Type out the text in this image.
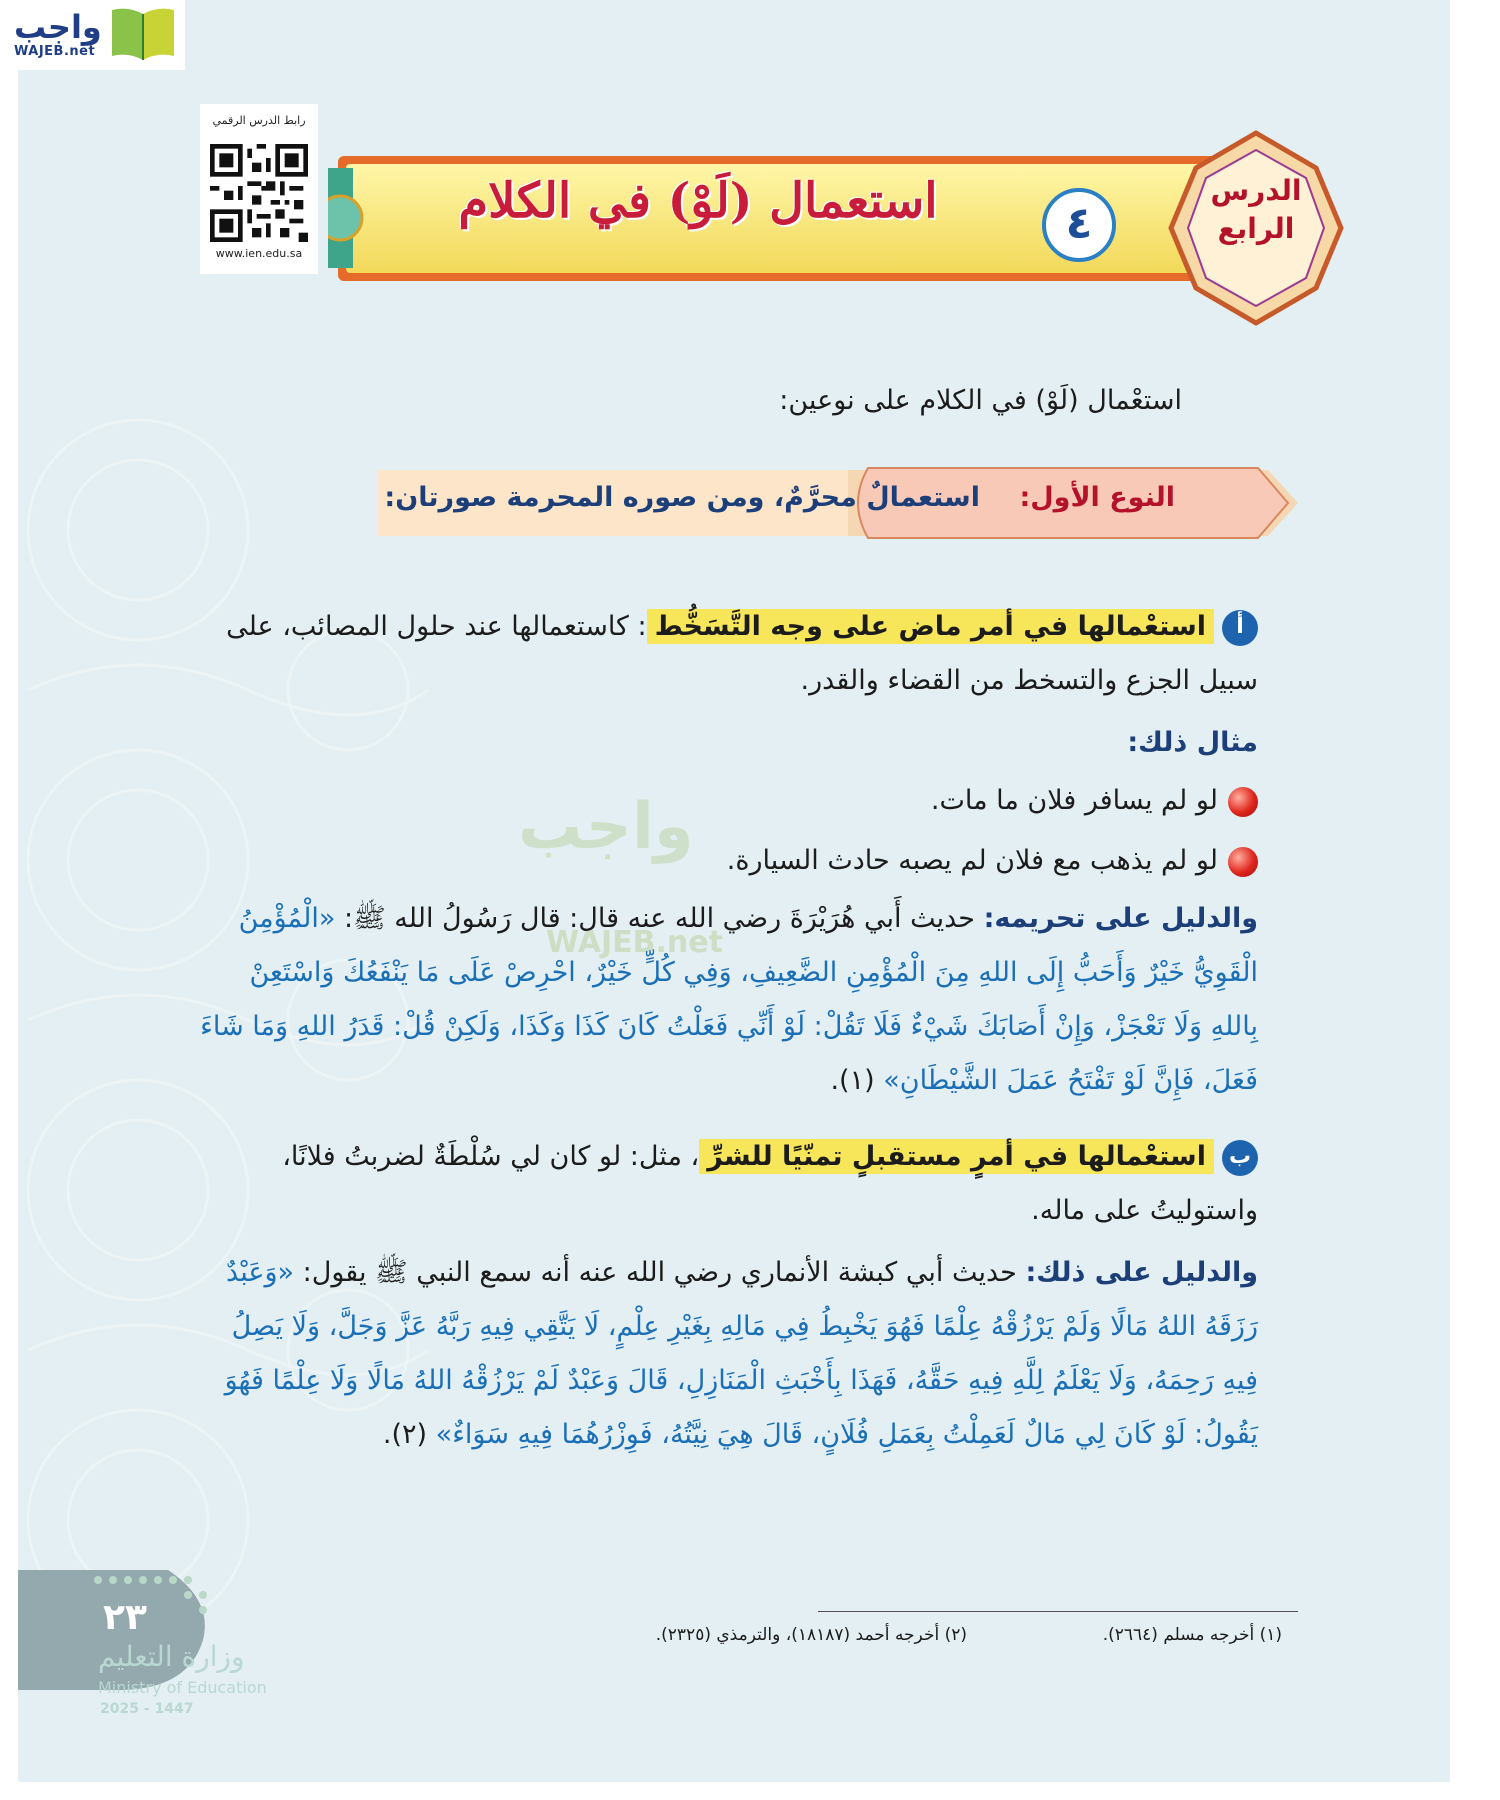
واجب
WAJEB.net
رابط الدرس الرقمي
www.ien.edu.sa
٤
استعمال (لَوْ) في الكلام	الدرس
الرابع
استعْمال (لَوْ) في الكلام على نوعين:
النوع الأول:
استعمالٌ محرَّمٌ، ومن صوره المحرمة صورتان:
أاستعْمالها في أمر ماض على وجه التَّسَخُّط: كاستعمالها عند حلول المصائب، على سبيل الجزع والتسخط من القضاء والقدر.
مثال ذلك:
لو لم يسافر فلان ما مات.
لو لم يذهب مع فلان لم يصبه حادث السيارة.
والدليل على تحريمه: حديث أَبي هُرَيْرَةَ رضي الله عنه قال: قال رَسُولُ الله ﷺ: «الْمُؤْمِنُ الْقَوِيُّ خَيْرٌ وَأَحَبُّ إِلَى اللهِ مِنَ الْمُؤْمِنِ الضَّعِيفِ، وَفِي كُلٍّ خَيْرٌ، احْرِصْ عَلَى مَا يَنْفَعُكَ وَاسْتَعِنْ بِاللهِ وَلَا تَعْجَزْ، وَإِنْ أَصَابَكَ شَيْءٌ فَلَا تَقُلْ: لَوْ أَنِّي فَعَلْتُ كَانَ كَذَا وَكَذَا، وَلَكِنْ قُلْ: قَدَرُ اللهِ وَمَا شَاءَ فَعَلَ، فَإِنَّ لَوْ تَفْتَحُ عَمَلَ الشَّيْطَانِ» (١).
باستعْمالها في أمرٍ مستقبلٍ تمنّيًا للشرِّ، مثل: لو كان لي سُلْطَةٌ لضربتُ فلانًا، واستوليتُ على ماله.
والدليل على ذلك: حديث أبي كبشة الأنماري رضي الله عنه أنه سمع النبي ﷺ يقول: «وَعَبْدٌ رَزَقَهُ اللهُ مَالًا وَلَمْ يَرْزُقْهُ عِلْمًا فَهُوَ يَخْبِطُ فِي مَالِهِ بِغَيْرِ عِلْمٍ، لَا يَتَّقِي فِيهِ رَبَّهُ عَزَّ وَجَلَّ، وَلَا يَصِلُ فِيهِ رَحِمَهُ، وَلَا يَعْلَمُ لِلَّهِ فِيهِ حَقَّهُ، فَهَذَا بِأَخْبَثِ الْمَنَازِلِ، قَالَ وَعَبْدٌ لَمْ يَرْزُقْهُ اللهُ مَالًا وَلَا عِلْمًا فَهُوَ يَقُولُ: لَوْ كَانَ لِي مَالٌ لَعَمِلْتُ بِعَمَلِ فُلَانٍ، قَالَ هِيَ نِيَّتُهُ، فَوِزْرُهُمَا فِيهِ سَوَاءٌ» (٢).
(١) أخرجه مسلم (٢٦٦٤).
(٢) أخرجه أحمد (١٨١٨٧)، والترمذي (٢٣٢٥).
٢٣
وزارة التعليم
Ministry of Education
2025 - 1447
واجب
WAJEB.net
